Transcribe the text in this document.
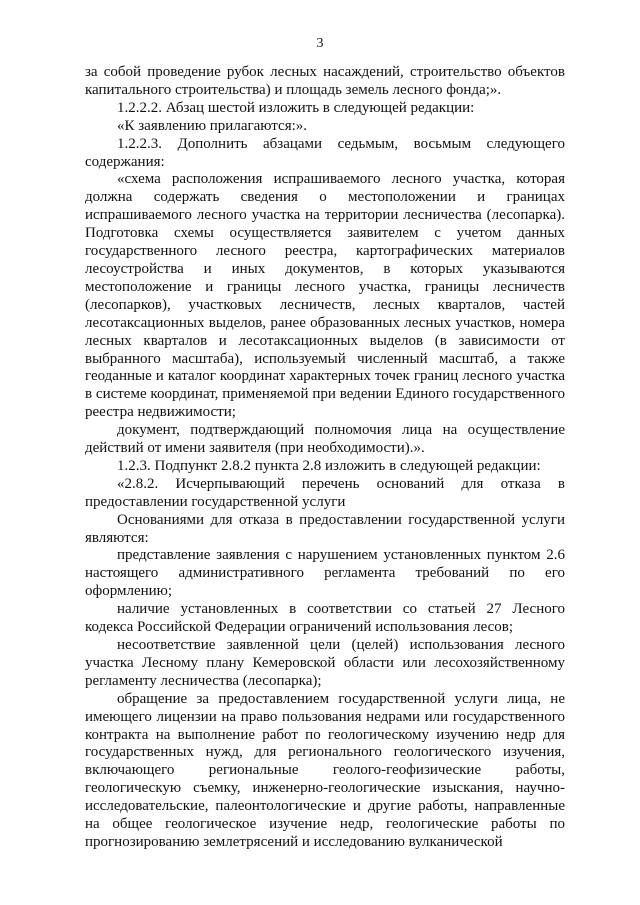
3

за собой проведение рубок лесных насаждений, строительство объектов капитального строительства) и площадь земель лесного фонда;».

1.2.2.2. Абзац шестой изложить в следующей редакции:

«К заявлению прилагаются:».

1.2.2.3. Дополнить абзацами седьмым, восьмым следующего содержания:

«схема расположения испрашиваемого лесного участка, которая должна содержать сведения о местоположении и границах испрашиваемого лесного участка на территории лесничества (лесопарка). Подготовка схемы осуществляется заявителем с учетом данных государственного лесного реестра, картографических материалов лесоустройства и иных документов, в которых указываются местоположение и границы лесного участка, границы лесничеств (лесопарков), участковых лесничеств, лесных кварталов, частей лесотаксационных выделов, ранее образованных лесных участков, номера лесных кварталов и лесотаксационных выделов (в зависимости от выбранного масштаба), используемый численный масштаб, а также геоданные и каталог координат характерных точек границ лесного участка в системе координат, применяемой при ведении Единого государственного реестра недвижимости;

документ, подтверждающий полномочия лица на осуществление действий от имени заявителя (при необходимости).».

1.2.3. Подпункт 2.8.2 пункта 2.8 изложить в следующей редакции:

«2.8.2. Исчерпывающий перечень оснований для отказа в предоставлении государственной услуги

Основаниями для отказа в предоставлении государственной услуги являются:

представление заявления с нарушением установленных пунктом 2.6 настоящего административного регламента требований по его оформлению;

наличие установленных в соответствии со статьей 27 Лесного кодекса Российской Федерации ограничений использования лесов;

несоответствие заявленной цели (целей) использования лесного участка Лесному плану Кемеровской области или лесохозяйственному регламенту лесничества (лесопарка);

обращение за предоставлением государственной услуги лица, не имеющего лицензии на право пользования недрами или государственного контракта на выполнение работ по геологическому изучению недр для государственных нужд, для регионального геологического изучения, включающего региональные геолого-геофизические работы, геологическую съемку, инженерно-геологические изыскания, научно-исследовательские, палеонтологические и другие работы, направленные на общее геологическое изучение недр, геологические работы по прогнозированию землетрясений и исследованию вулканической
